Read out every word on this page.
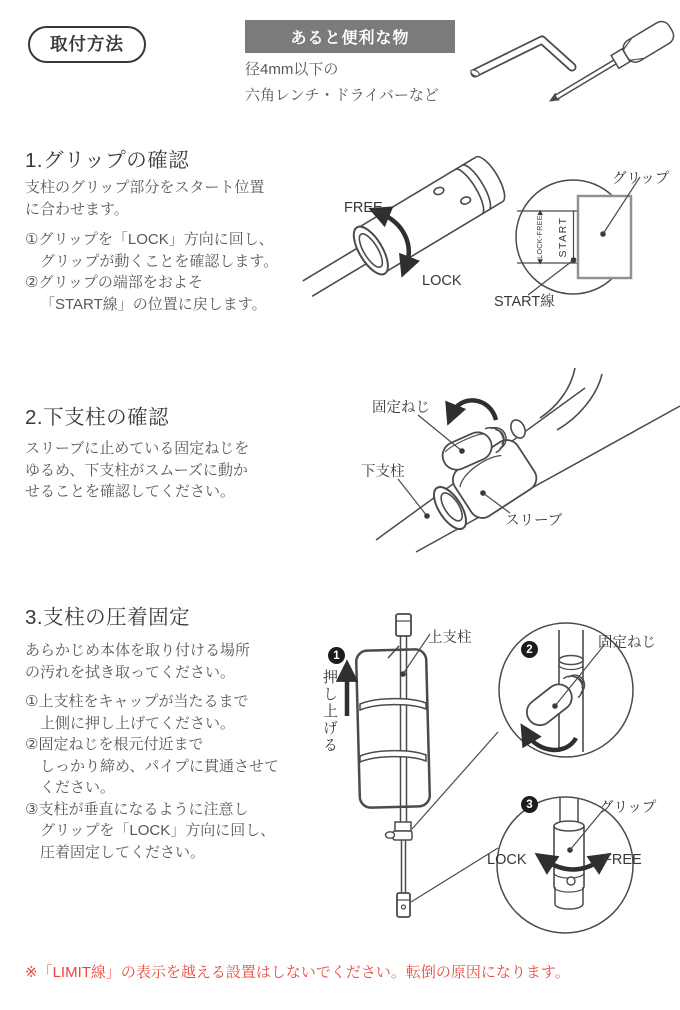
取付方法	あると便利な物
径4mm以下の
六角レンチ・ドライバーなど
1.グリップの確認
支柱のグリップ部分をスタート位置
に合わせます。
①グリップを「LOCK」方向に回し、
グリップが動くことを確認します。
②グリップの端部をおよそ
「START線」の位置に戻します。
◀LOCK-FREE▶ START
FREE
LOCK
グリップ
START線
2.下支柱の確認
スリーブに止めている固定ねじを
ゆるめ、下支柱がスムーズに動か
せることを確認してください。
固定ねじ
下支柱
スリーブ
3.支柱の圧着固定
あらかじめ本体を取り付ける場所
の汚れを拭き取ってください。
①上支柱をキャップが当たるまで
上側に押し上げてください。
②固定ねじを根元付近まで
しっかり締め、パイプに貫通させて
ください。
③支柱が垂直になるように注意し
グリップを「LOCK」方向に回し、
圧着固定してください。
1
押し上げる
上支柱
2	固定ねじ
3	グリップ
LOCK	FREE
※「LIMIT線」の表示を越える設置はしないでください。転倒の原因になります。
